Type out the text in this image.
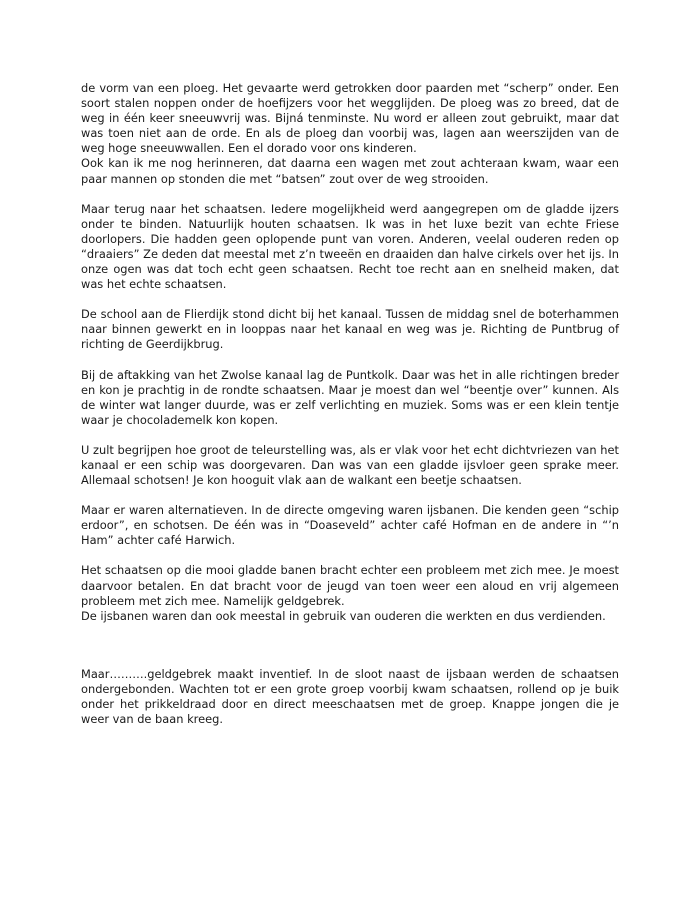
de vorm van een ploeg. Het gevaarte werd getrokken door paarden met “scherp” onder. Een soort stalen noppen onder de hoefijzers voor het wegglijden. De ploeg was zo breed, dat de weg in één keer sneeuwvrij was. Bijná tenminste. Nu word er alleen zout gebruikt, maar dat was toen niet aan de orde. En als de ploeg dan voorbij was, lagen aan weerszijden van de weg hoge sneeuwwallen. Een el dorado voor ons kinderen.

Ook kan ik me nog herinneren, dat daarna een wagen met zout achteraan kwam, waar een paar mannen op stonden die met “batsen” zout over de weg strooiden.

Maar terug naar het schaatsen. Iedere mogelijkheid werd aangegrepen om de gladde ijzers onder te binden. Natuurlijk houten schaatsen. Ik was in het luxe bezit van echte Friese doorlopers. Die hadden geen oplopende punt van voren. Anderen, veelal ouderen reden op “draaiers” Ze deden dat meestal met z’n tweeën en draaiden dan halve cirkels over het ijs. In onze ogen was dat toch echt geen schaatsen. Recht toe recht aan en snelheid maken, dat was het echte schaatsen.

De school aan de Flierdijk stond dicht bij het kanaal. Tussen de middag snel de boterhammen naar binnen gewerkt en in looppas naar het kanaal en weg was je. Richting de Puntbrug of richting de Geerdijkbrug.

Bij de aftakking van het Zwolse kanaal lag de Puntkolk. Daar was het in alle richtingen breder en kon je prachtig in de rondte schaatsen. Maar je moest dan wel “beentje over” kunnen. Als de winter wat langer duurde, was er zelf verlichting en muziek. Soms was er een klein tentje waar je chocolademelk kon kopen.

U zult begrijpen hoe groot de teleurstelling was, als er vlak voor het echt dichtvriezen van het kanaal er een schip was doorgevaren. Dan was van een gladde ijsvloer geen sprake meer. Allemaal schotsen! Je kon hooguit vlak aan de walkant een beetje schaatsen.

Maar er waren alternatieven. In de directe omgeving waren ijsbanen. Die kenden geen “schip erdoor”, en schotsen. De één was in “Doaseveld” achter café Hofman en de andere in “’n Ham” achter café Harwich.

Het schaatsen op die mooi gladde banen bracht echter een probleem met zich mee. Je moest daarvoor betalen. En dat bracht voor de jeugd van toen weer een aloud en vrij algemeen probleem met zich mee. Namelijk geldgebrek.

De ijsbanen waren dan ook meestal in gebruik van ouderen die werkten en dus verdienden.

Maar……….geldgebrek maakt inventief. In de sloot naast de ijsbaan werden de schaatsen ondergebonden. Wachten tot er een grote groep voorbij kwam schaatsen, rollend op je buik onder het prikkeldraad door en direct meeschaatsen met de groep. Knappe jongen die je weer van de baan kreeg.
